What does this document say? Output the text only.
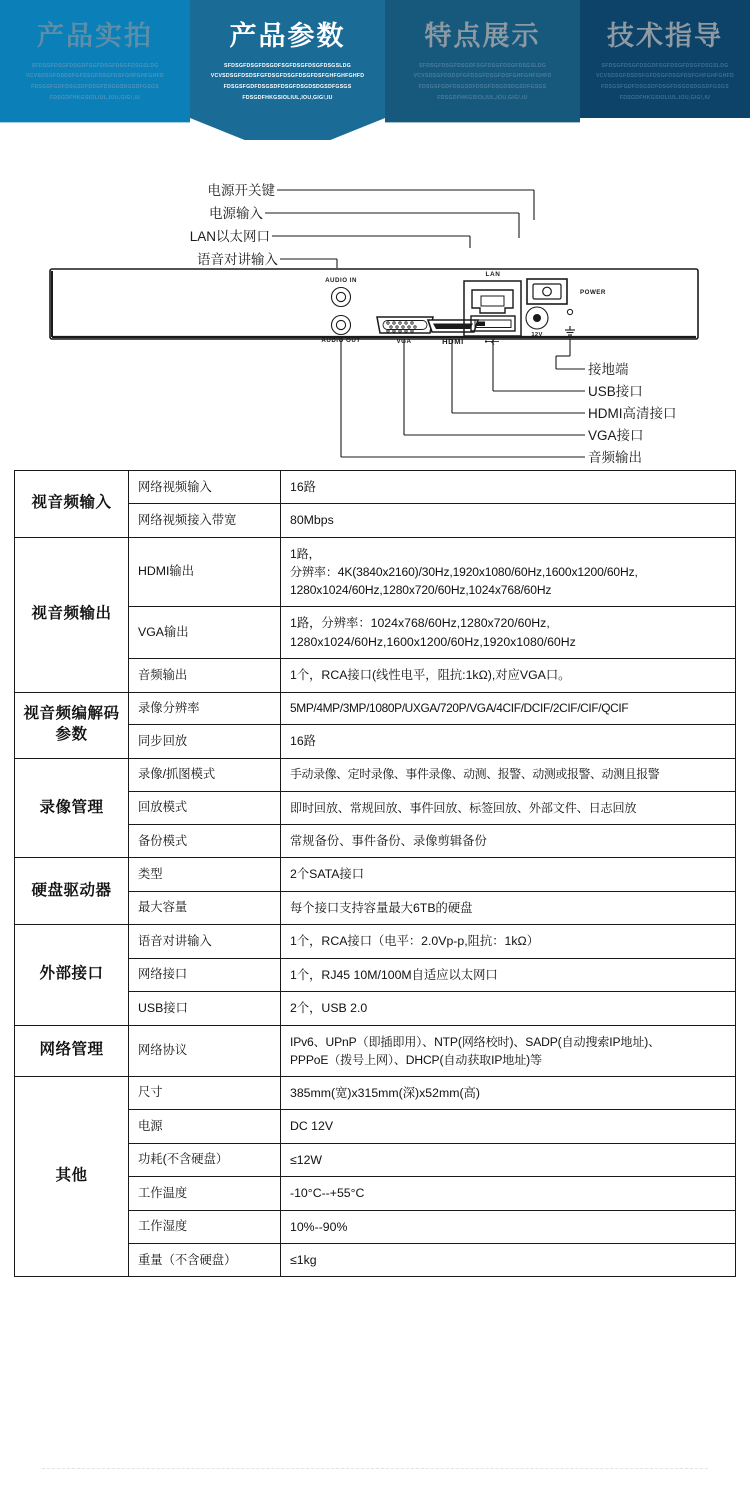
产品实拍
SFDSGFDSGFDSGDFSGFDSGFDSGFDSGSLDG
VCVSDSGFDSDSFGFDSGFDSGFDSFGHFGHFGHFD
FDSGSFGDFDSGSDFDSGFDSGDSDGSDFGSGS
FDSGDFHKGSIOLIUL,IOU,GIG!,IU
产品参数
SFDSGFDSGFDSGDFSGFDSGFDSGFDSGSLDG
VCVSDSGFDSDSFGFDSGFDSGFDSGFDSFGHFGHFGHFD
FDSGSFGDFDSGSDFDSGFDSGDSDGSDFGSGS
FDSGDFHKGSIOLIUL,IOU,GIG!,IU
特点展示
SFDSGFDSGFDSGDFSGFDSGFDSGFDSGSLDG
VCVSDSGFDSDSFGFDSGFDSGFDSFGHFGHFGHFD
FDSGSFGDFDSGSDFDSGFDSGDSDGSDFGSGS
FDSGDFHKGSIOLIUL,IOU,GIG!,IU
技术指导
SFDSGFDSGFDSGDFSGFDSGFDSGFDSGSLDG
VCVSDSGFDSDSFGFDSGFDSGFDSFGHFGHFGHFD
FDSGSFGDFDSGSDFDSGFDSGDSDGSDFGSGS
FDSGDFHKGSIOLIUL,IOU,GIG!,IU
AUDIO IN
AUDIO OUT	VGA	HDMI
LAN
12V
POWER
电源开关键
电源输入
LAN以太网口
语音对讲输入
接地端
USB接口
HDMI高清接口
VGA接口
音频输出
视音频输入	网络视频输入	16路

	网络视频接入带宽	80Mbps

视音频输出	HDMI输出	1路，
分辨率：4K(3840x2160)/30Hz,1920x1080/60Hz,1600x1200/60Hz,
1280x1024/60Hz,1280x720/60Hz,1024x768/60Hz

	VGA输出	1路，分辨率：1024x768/60Hz,1280x720/60Hz,
1280x1024/60Hz,1600x1200/60Hz,1920x1080/60Hz

	音频输出	1个，RCA接口(线性电平，阻抗:1kΩ),对应VGA口。

视音频编解码参数	录像分辨率	5MP/4MP/3MP/1080P/UXGA/720P/VGA/4CIF/DCIF/2CIF/CIF/QCIF

	同步回放	16路

录像管理	录像/抓图模式	手动录像、定时录像、事件录像、动测、报警、动测或报警、动测且报警

	回放模式	即时回放、常规回放、事件回放、标签回放、外部文件、日志回放

	备份模式	常规备份、事件备份、录像剪辑备份

硬盘驱动器	类型	2个SATA接口

	最大容量	每个接口支持容量最大6TB的硬盘

外部接口	语音对讲输入	1个，RCA接口（电平：2.0Vp-p,阻抗：1kΩ）

	网络接口	1个，RJ45 10M/100M自适应以太网口

	USB接口	2个，USB 2.0

网络管理	网络协议	IPv6、UPnP（即插即用）、NTP(网络校时)、SADP(自动搜索IP地址)、
PPPoE（拨号上网）、DHCP(自动获取IP地址)等

其他	尺寸	385mm(宽)x315mm(深)x52mm(高)

	电源	DC 12V

	功耗(不含硬盘）	≤12W

	工作温度	-10°C--+55°C

	工作湿度	10%--90%

	重量（不含硬盘）	≤1kg
